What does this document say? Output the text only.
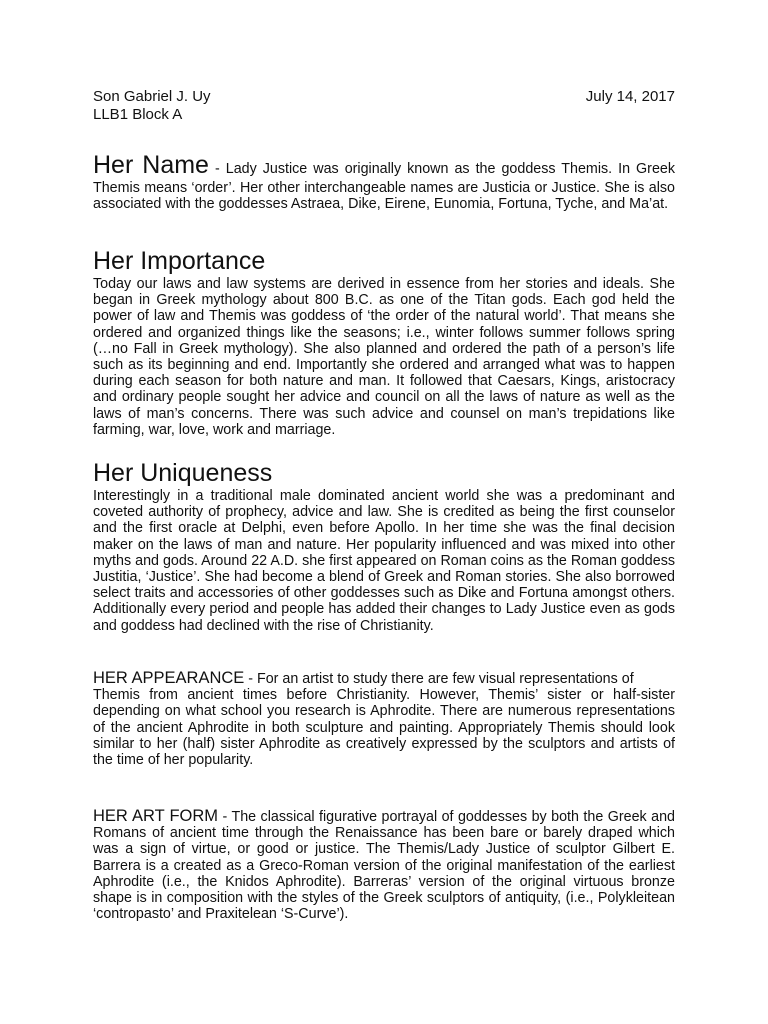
Son Gabriel J. Uy	July 14, 2017
LLB1 Block A

Her Name - Lady Justice was originally known as the goddess Themis. In Greek Themis means ‘order’. Her other interchangeable names are Justicia or Justice. She is also associated with the goddesses Astraea, Dike, Eirene, Eunomia, Fortuna, Tyche, and Ma’at.

Her Importance

Today our laws and law systems are derived in essence from her stories and ideals. She began in Greek mythology about 800 B.C. as one of the Titan gods. Each god held the power of law and Themis was goddess of ‘the order of the natural world’. That means she ordered and organized things like the seasons; i.e., winter follows summer follows spring (…no Fall in Greek mythology). She also planned and ordered the path of a person’s life such as its beginning and end. Importantly she ordered and arranged what was to happen during each season for both nature and man. It followed that Caesars, Kings, aristocracy and ordinary people sought her advice and council on all the laws of nature as well as the laws of man’s concerns. There was such advice and counsel on man’s trepidations like farming, war, love, work and marriage.

Her Uniqueness

Interestingly in a traditional male dominated ancient world she was a predominant and coveted authority of prophecy, advice and law. She is credited as being the first counselor and the first oracle at Delphi, even before Apollo. In her time she was the final decision maker on the laws of man and nature. Her popularity influenced and was mixed into other myths and gods. Around 22 A.D. she first appeared on Roman coins as the Roman goddess Justitia, ‘Justice’. She had become a blend of Greek and Roman stories. She also borrowed select traits and accessories of other goddesses such as Dike and Fortuna amongst others. Additionally every period and people has added their changes to Lady Justice even as gods and goddess had declined with the rise of Christianity.

HER APPEARANCE - For an artist to study there are few visual representations of

Themis from ancient times before Christianity. However, Themis’ sister or half-sister depending on what school you research is Aphrodite. There are numerous representations of the ancient Aphrodite in both sculpture and painting. Appropriately Themis should look similar to her (half) sister Aphrodite as creatively expressed by the sculptors and artists of the time of her popularity.

HER ART FORM - The classical figurative portrayal of goddesses by both the Greek and Romans of ancient time through the Renaissance has been bare or barely draped which was a sign of virtue, or good or justice. The Themis/Lady Justice of sculptor Gilbert E. Barrera is a created as a Greco-Roman version of the original manifestation of the earliest Aphrodite (i.e., the Knidos Aphrodite). Barreras’ version of the original virtuous bronze shape is in composition with the styles of the Greek sculptors of antiquity, (i.e., Polykleitean ‘contropasto’ and Praxitelean ‘S-Curve’).
